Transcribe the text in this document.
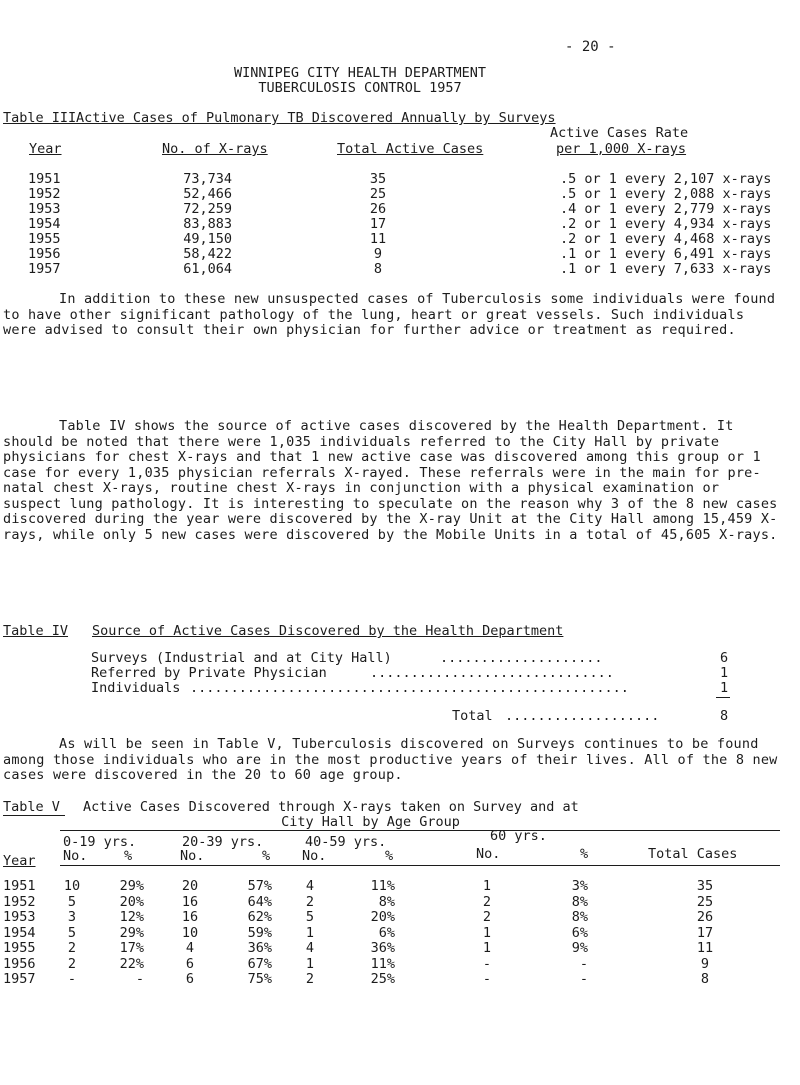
- 20 -
WINNIPEG CITY HEALTH DEPARTMENT
TUBERCULOSIS CONTROL 1957
Table III Active Cases of Pulmonary TB Discovered Annually by Surveys
Active Cases Rate
Year	No. of X-rays	Total Active Cases	per 1,000 X-rays
1951	73,734	35	.5 or 1 every 2,107 x-rays
1952	52,466	25	.5 or 1 every 2,088 x-rays
1953	72,259	26	.4 or 1 every 2,779 x-rays
1954	83,883	17	.2 or 1 every 4,934 x-rays
1955	49,150	11	.2 or 1 every 4,468 x-rays
1956	58,422	9	.1 or 1 every 6,491 x-rays
1957	61,064	8	.1 or 1 every 7,633 x-rays
In addition to these new unsuspected cases of Tuberculosis some individuals were found to have other significant pathology of the lung, heart or great vessels. Such individuals were advised to consult their own physician for further advice or treatment as required.
Table IV shows the source of active cases discovered by the Health Department. It should be noted that there were 1,035 individuals referred to the City Hall by private physicians for chest X-rays and that 1 new active case was discovered among this group or 1 case for every 1,035 physician referrals X-rayed. These referrals were in the main for pre-natal chest X-rays, routine chest X-rays in conjunction with a physical examination or suspect lung pathology. It is interesting to speculate on the reason why 3 of the 8 new cases discovered during the year were discovered by the X-ray Unit at the City Hall among 15,459 X-rays, while only 5 new cases were discovered by the Mobile Units in a total of 45,605 X-rays.
Table IV Source of Active Cases Discovered by the Health Department
Surveys (Industrial and at City Hall)	....................	6
Referred by Private Physician	..............................	1
Individuals ......................................................	1
Total ...................	8
As will be seen in Table V, Tuberculosis discovered on Surveys continues to be found among those individuals who are in the most productive years of their lives. All of the 8 new cases were discovered in the 20 to 60 age group.
Table V Active Cases Discovered through X-rays taken on Survey and at
City Hall by Age Group
0-19 yrs.	20-39 yrs.	40-59 yrs.	60 yrs.
Year No.	%	No.	% No.	%	No.	%	Total Cases
1951 10	29%	20	57%	4	11%	1	3%	35
1952	5	20%	16	64%	2	8%	2	8%	25
1953	3	12%	16	62%	5	20%	2	8%	26
1954	5	29%	10	59%	1	6%	1	6%	17
1955	2	17%	4	36%	4	36%	1	9%	11
1956	2	22%	6	67%	1	11%	-	-	9
1957	-	-	6	75%	2	25%	-	-	8
